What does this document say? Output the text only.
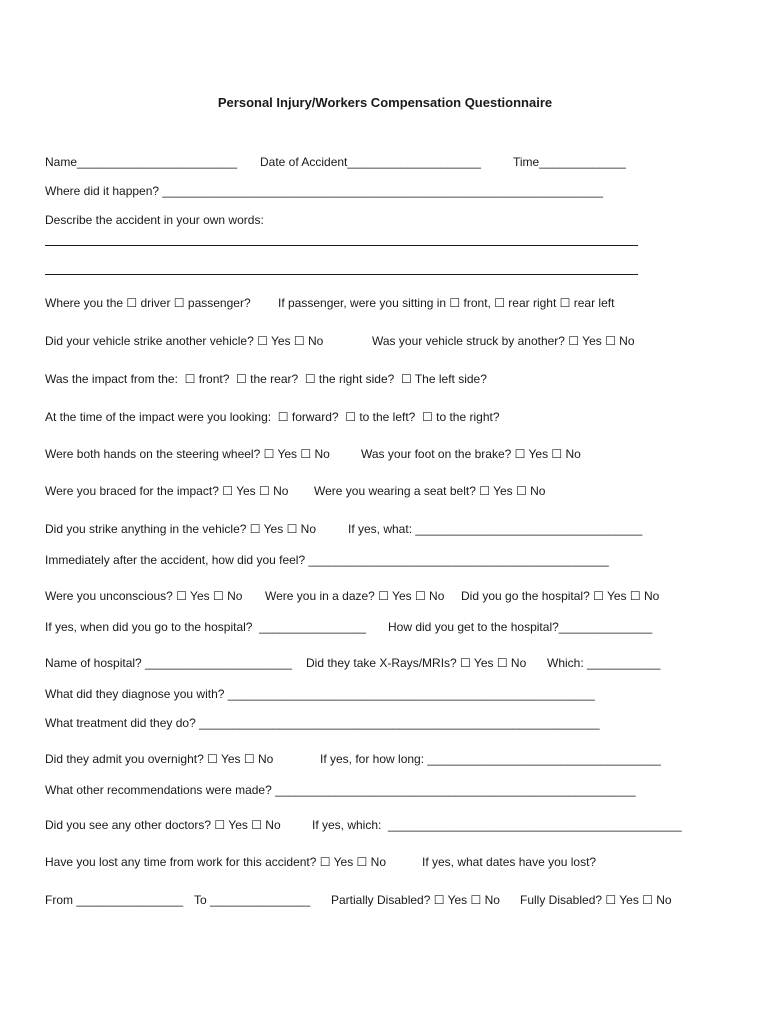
Personal Injury/Workers Compensation Questionnaire

Name________________________

Date of Accident____________________

	Time_____________

Where did it happen? __________________________________________________________________
Describe the accident in your own words:

Where you the ☐ driver ☐ passenger?

If passenger, were you sitting in ☐ front, ☐ rear right ☐ rear left

Did your vehicle strike another vehicle? ☐ Yes ☐ No

	Was your vehicle struck by another? ☐ Yes ☐ No

Was the impact from the:  ☐ front?  ☐ the rear?  ☐ the right side?  ☐ The left side?
At the time of the impact were you looking:  ☐ forward?  ☐ to the left?  ☐ to the right?

Were both hands on the steering wheel? ☐ Yes ☐ No

	Was your foot on the brake? ☐ Yes ☐ No

Were you braced for the impact? ☐ Yes ☐ No

Were you wearing a seat belt? ☐ Yes ☐ No

Did you strike anything in the vehicle? ☐ Yes ☐ No

	If yes, what: __________________________________

Immediately after the accident, how did you feel? _____________________________________________

Were you unconscious? ☐ Yes ☐ No

Were you in a daze? ☐ Yes ☐ No

Did you go the hospital? ☐ Yes ☐ No

If yes, when did you go to the hospital?  ________________

How did you get to the hospital?______________

Name of hospital? ______________________

Did they take X-Rays/MRIs? ☐ Yes ☐ No

Which: ___________

What did they diagnose you with? _______________________________________________________
What treatment did they do? ____________________________________________________________

Did they admit you overnight? ☐ Yes ☐ No

	If yes, for how long: ___________________________________

What other recommendations were made? ______________________________________________________

Did you see any other doctors? ☐ Yes ☐ No

	If yes, which:  ____________________________________________

Have you lost any time from work for this accident? ☐ Yes ☐ No

	If yes, what dates have you lost?

From ________________

To _______________

Partially Disabled? ☐ Yes ☐ No

Fully Disabled? ☐ Yes ☐ No
